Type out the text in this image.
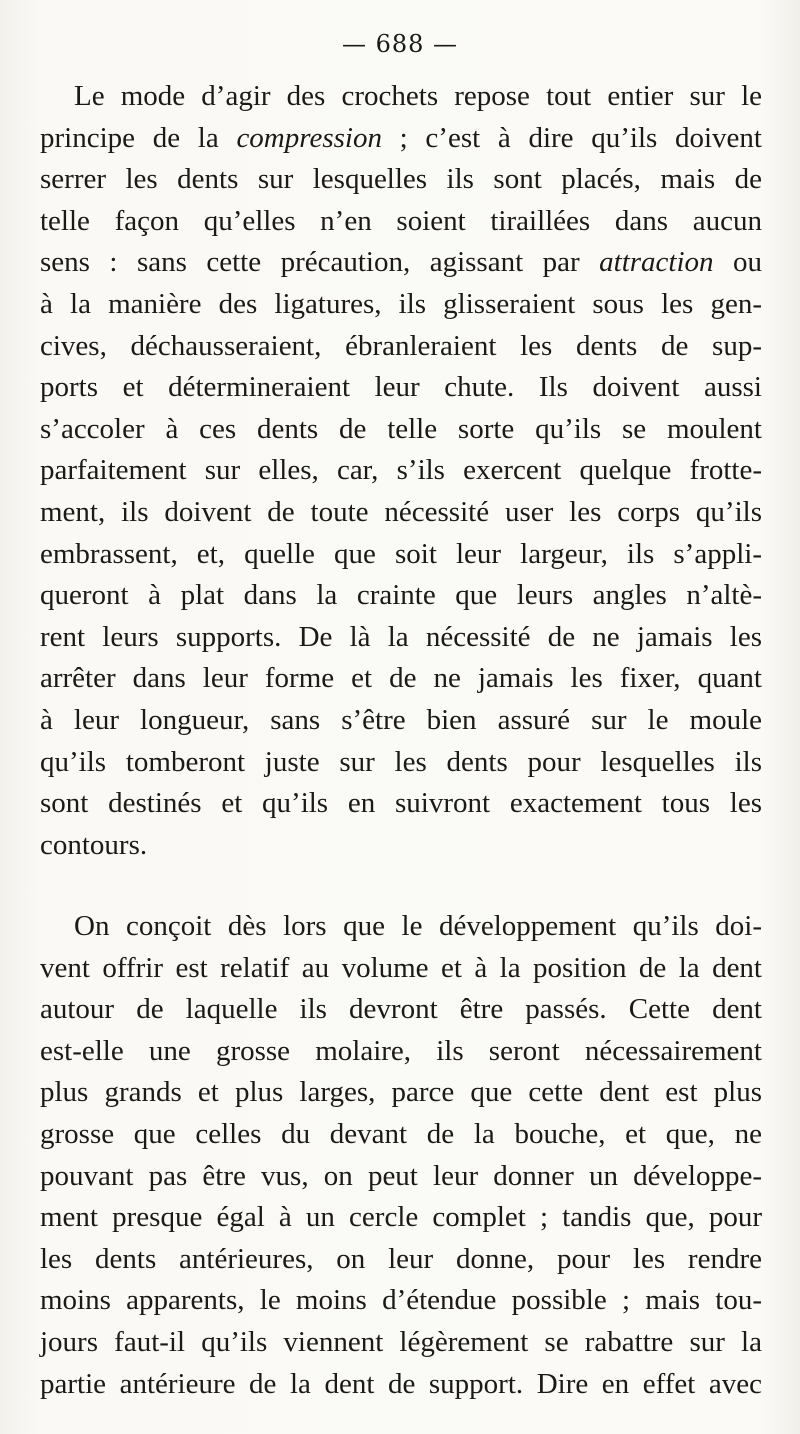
— 688 —
Le mode d’agir des crochets repose tout entier sur le
principe de la compression ; c’est à dire qu’ils doivent
serrer les dents sur lesquelles ils sont placés, mais de
telle façon qu’elles n’en soient tiraillées dans aucun
sens : sans cette précaution, agissant par attraction ou
à la manière des ligatures, ils glisseraient sous les gen-
cives, déchausseraient, ébranleraient les dents de sup-
ports et détermineraient leur chute. Ils doivent aussi
s’accoler à ces dents de telle sorte qu’ils se moulent
parfaitement sur elles, car, s’ils exercent quelque frotte-
ment, ils doivent de toute nécessité user les corps qu’ils
embrassent, et, quelle que soit leur largeur, ils s’appli-
queront à plat dans la crainte que leurs angles n’altè-
rent leurs supports. De là la nécessité de ne jamais les
arrêter dans leur forme et de ne jamais les fixer, quant
à leur longueur, sans s’être bien assuré sur le moule
qu’ils tomberont juste sur les dents pour lesquelles ils
sont destinés et qu’ils en suivront exactement tous les
contours.
On conçoit dès lors que le développement qu’ils doi-
vent offrir est relatif au volume et à la position de la dent
autour de laquelle ils devront être passés. Cette dent
est-elle une grosse molaire, ils seront nécessairement
plus grands et plus larges, parce que cette dent est plus
grosse que celles du devant de la bouche, et que, ne
pouvant pas être vus, on peut leur donner un développe-
ment presque égal à un cercle complet ; tandis que, pour
les dents antérieures, on leur donne, pour les rendre
moins apparents, le moins d’étendue possible ; mais tou-
jours faut-il qu’ils viennent légèrement se rabattre sur la
partie antérieure de la dent de support. Dire en effet avec
